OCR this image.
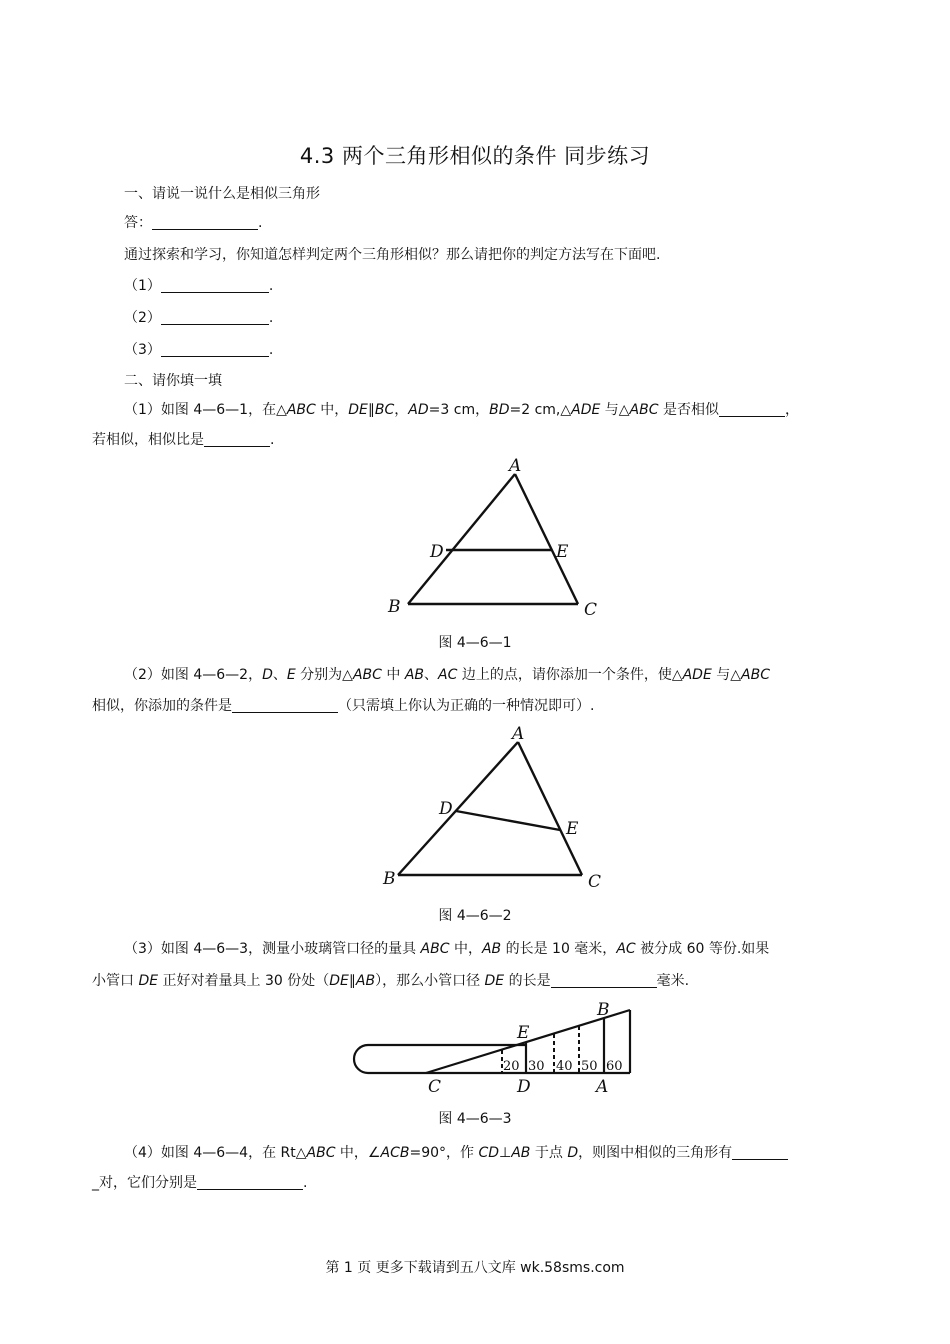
4.3 两个三角形相似的条件 同步练习
一、请说一说什么是相似三角形
答：	.
通过探索和学习，你知道怎样判定两个三角形相似？那么请把你的判定方法写在下面吧.
（1）	.
（2）	.
（3）	.
二、请你填一填
（1）如图 4—6—1，在△ABC 中，DE∥BC，AD=3 cm，BD=2 cm,△ADE 与△ABC 是否相似	，
若相似，相似比是	.
A
D	E
B	C
图 4—6—1
（2）如图 4—6—2，D、E 分别为△ABC 中 AB、AC 边上的点，请你添加一个条件，使△ADE 与△ABC
相似，你添加的条件是	（只需填上你认为正确的一种情况即可）.
A
D
E
B	C
图 4—6—2
（3）如图 4—6—3，测量小玻璃管口径的量具 ABC 中，AB 的长是 10 毫米，AC 被分成 60 等份.如果
小管口 DE 正好对着量具上 30 份处（DE∥AB），那么小管口径 DE 的长是	毫米.
20 30 40 50 60
B
E
C	D	A
图 4—6—3
（4）如图 4—6—4，在 Rt△ABC 中，∠ACB=90°，作 CD⊥AB 于点 D，则图中相似的三角形有
_对，它们分别是	.
第 1 页 更多下载请到五八文库 wk.58sms.com
